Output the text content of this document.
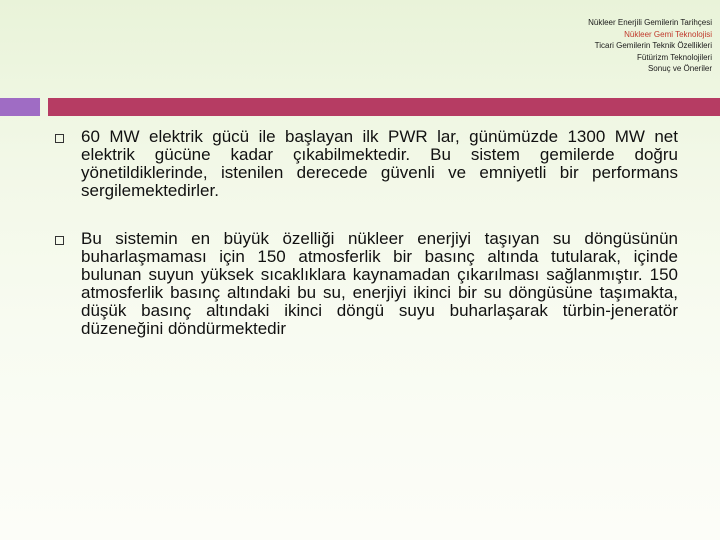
Nükleer Enerjili Gemilerin Tarihçesi
Nükleer Gemi Teknolojisi
Ticari Gemilerin Teknik Özellikleri
Fütürizm Teknolojileri
Sonuç ve Öneriler
60 MW elektrik gücü ile başlayan ilk PWR lar, günümüzde 1300 MW net elektrik gücüne kadar çıkabilmektedir. Bu sistem gemilerde doğru yönetildiklerinde, istenilen derecede güvenli ve emniyetli bir performans sergilemektedirler.
Bu sistemin en büyük özelliği nükleer enerjiyi taşıyan su döngüsünün buharlaşmaması için 150 atmosferlik bir basınç altında tutularak, içinde bulunan suyun yüksek sıcaklıklara kaynamadan çıkarılması sağlanmıştır. 150 atmosferlik basınç altındaki bu su, enerjiyi ikinci bir su döngüsüne taşımakta, düşük basınç altındaki ikinci döngü suyu buharlaşarak türbin-jeneratör düzeneğini döndürmektedir
